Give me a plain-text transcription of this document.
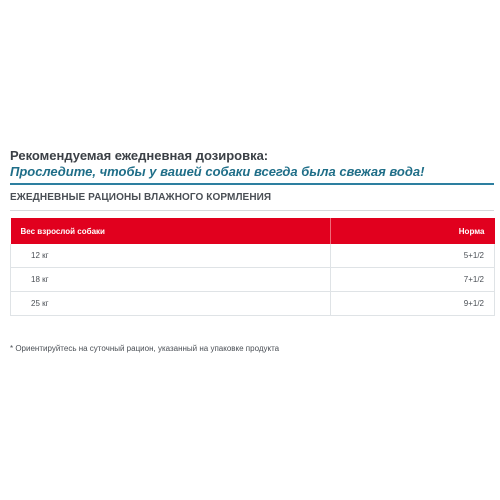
Рекомендуемая ежедневная дозировка:

Проследите, чтобы у вашей собаки всегда была свежая вода!

ЕЖЕДНЕВНЫЕ РАЦИОНЫ ВЛАЖНОГО КОРМЛЕНИЯ
Вес взрослой собаки	Норма
12 кг	5+1/2
18 кг	7+1/2
25 кг	9+1/2
* Ориентируйтесь на суточный рацион, указанный на упаковке продукта
